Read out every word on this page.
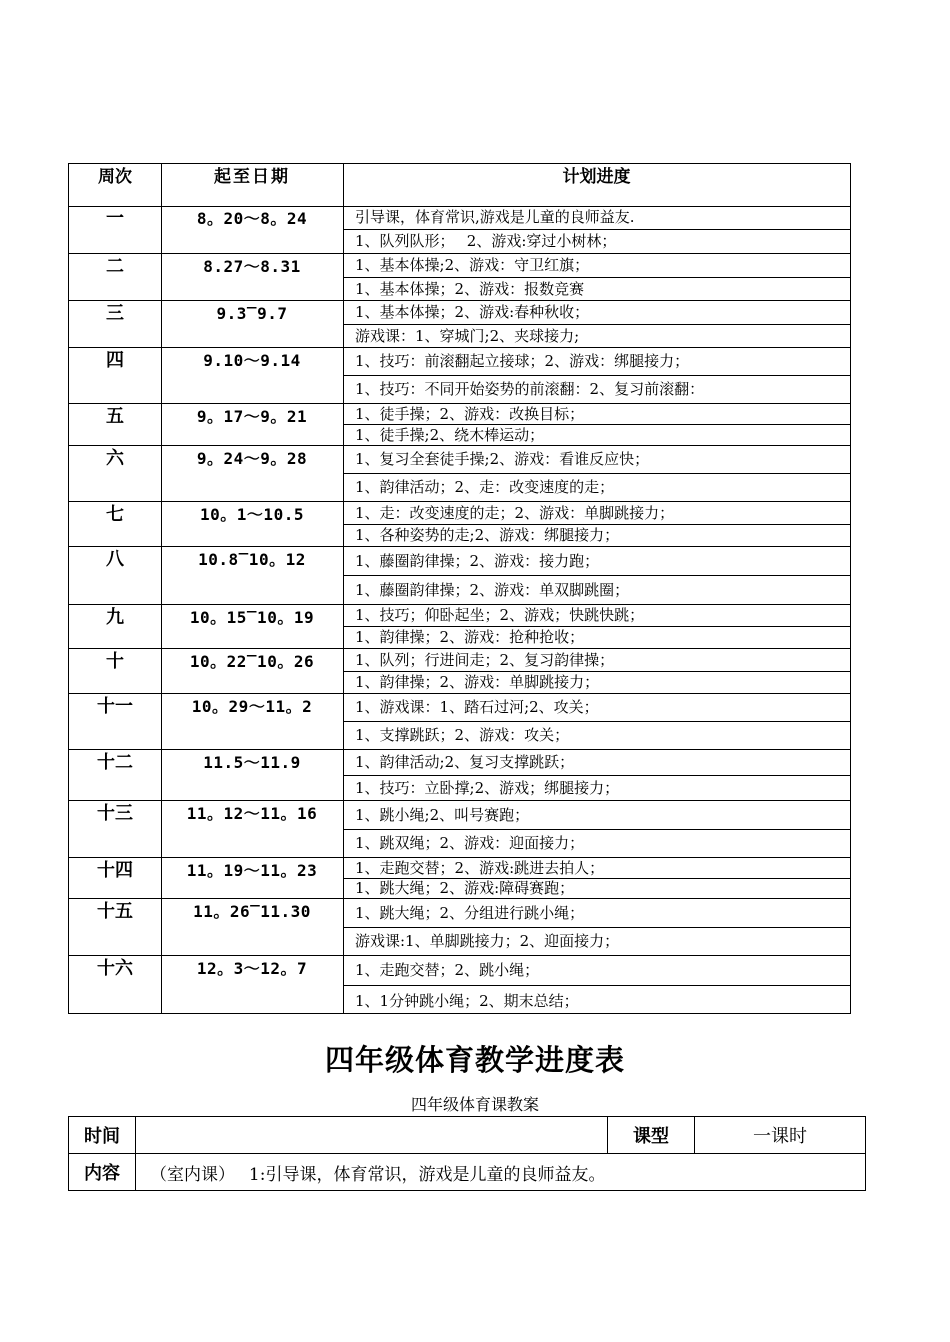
周次	起至日期	计划进度
一	8。20～8。24	引导课，体育常识,游戏是儿童的良师益友.
1、队列队形；　 2、游戏:穿过小树林；
二	8.27～8.31	1、基本体操;2、游戏：守卫红旗；
1、基本体操；2、游戏：报数竞赛
三	9.3‾9.7	1、基本体操；2、游戏:春种秋收；
游戏课：1、穿城门;2、夹球接力;
四	9.10～9.14	1、技巧：前滚翻起立接球；2、游戏：绑腿接力；
1、技巧：不同开始姿势的前滚翻：2、复习前滚翻：
五	9。17～9。21	1、徒手操；2、游戏：改换目标；
1、徒手操;2、绕木棒运动；
六	9。24～9。28	1、复习全套徒手操;2、游戏：看谁反应快；
1、韵律活动；2、走：改变速度的走；
七	10。1～10.5	1、走：改变速度的走；2、游戏：单脚跳接力；
1、各种姿势的走;2、游戏：绑腿接力；
八	10.8‾10。12	1、藤圈韵律操；2、游戏：接力跑；
1、藤圈韵律操；2、游戏：单双脚跳圈；
九	10。15‾10。19	1、技巧；仰卧起坐；2、游戏；快跳快跳；
1、韵律操；2、游戏：抢种抢收；
十	10。22‾10。26	1、队列；行进间走；2、复习韵律操；
1、韵律操；2、游戏：单脚跳接力；
十一	10。29～11。2	1、游戏课：1、踏石过河;2、攻关；
1、支撑跳跃；2、游戏：攻关；
十二	11.5～11.9	1、韵律活动;2、复习支撑跳跃；
1、技巧：立卧撑;2、游戏；绑腿接力；
十三	11。12～11。16	1、跳小绳;2、叫号赛跑；
1、跳双绳；2、游戏：迎面接力；
十四	11。19～11。23	1、走跑交替；2、游戏:跳进去拍人；
1、跳大绳；2、游戏:障碍赛跑；
十五	11。26‾11.30	1、跳大绳；2、分组进行跳小绳；
游戏课:1、单脚跳接力；2、迎面接力；
十六	12。3～12。7	1、走跑交替；2、跳小绳；
1、1分钟跳小绳；2、期末总结；
四年级体育教学进度表
四年级体育课教案
时间		课型	一课时
内容	（室内课）　 1:引导课，体育常识，游戏是儿童的良师益友。		
